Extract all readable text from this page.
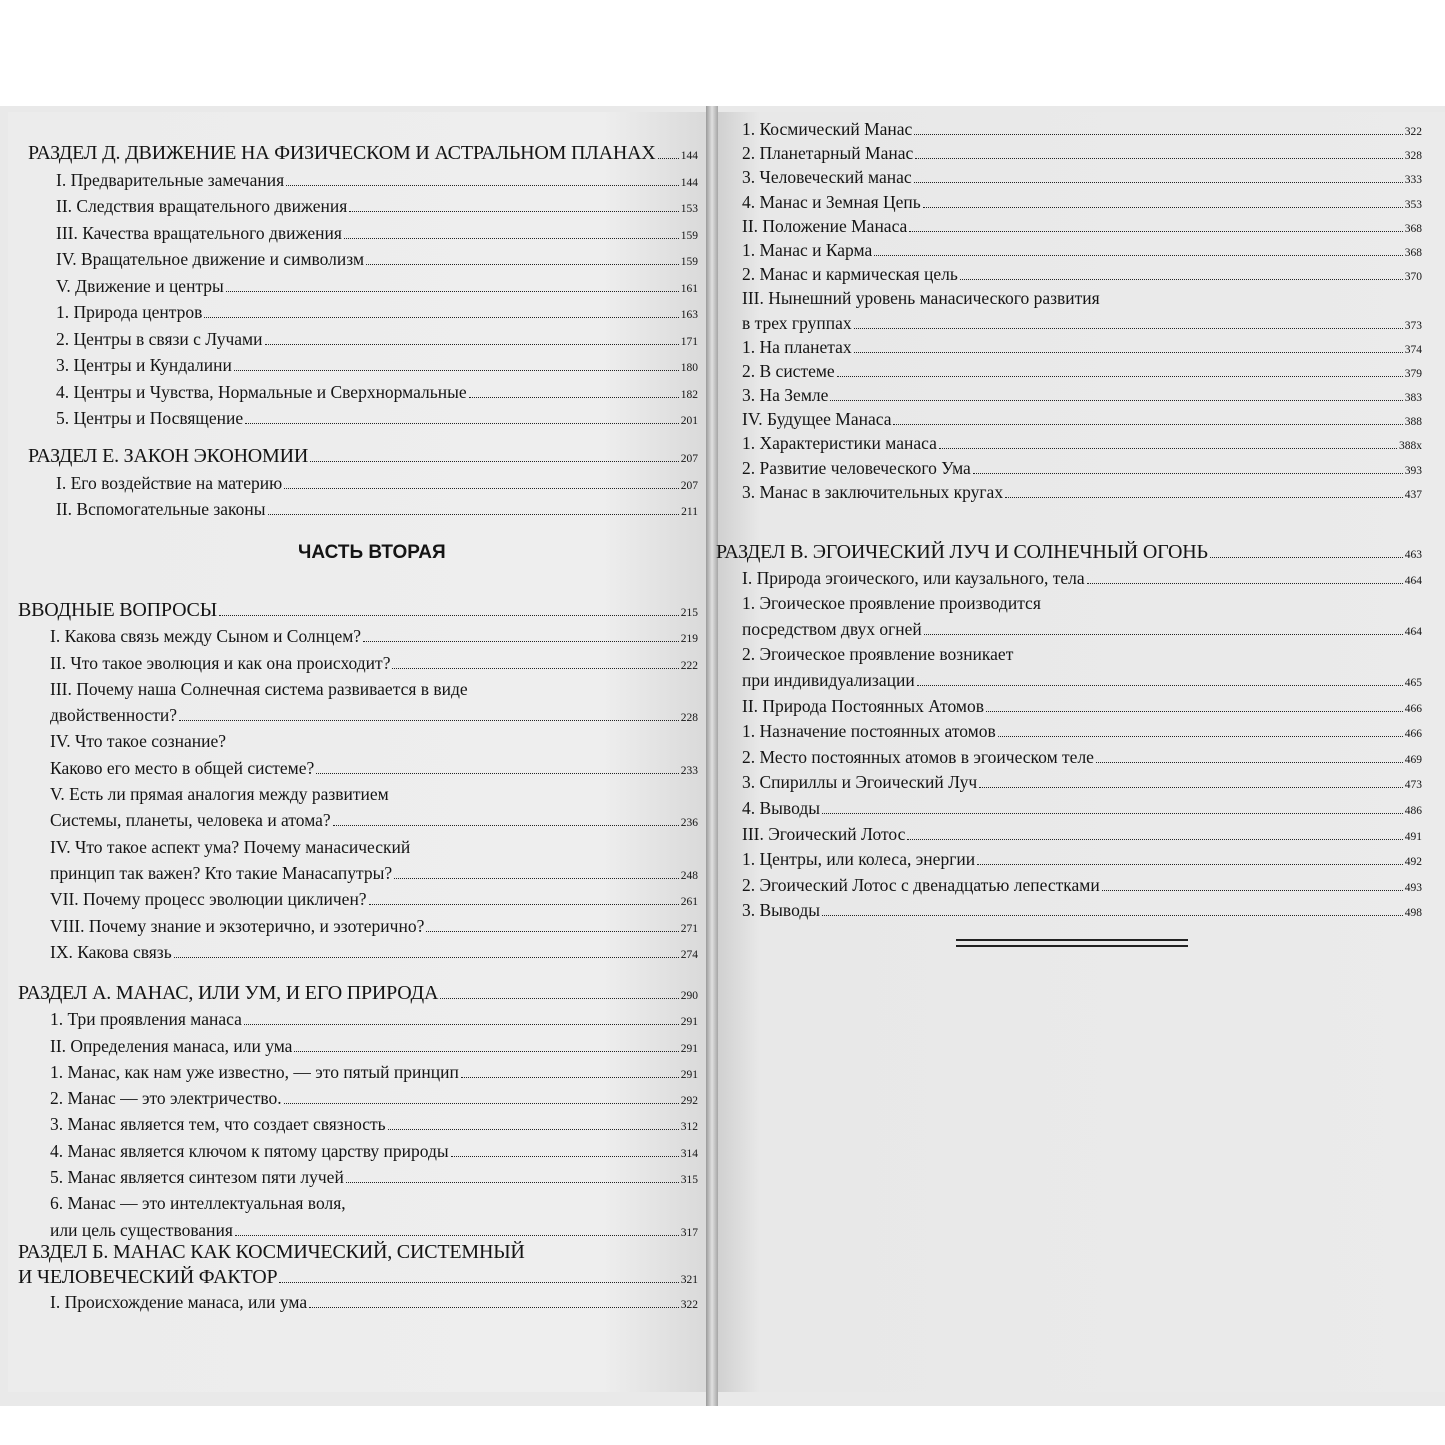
РАЗДЕЛ Д. ДВИЖЕНИЕ НА ФИЗИЧЕСКОМ И АСТРАЛЬНОМ ПЛАНАХ 144
I. Предварительные замечания	144
II. Следствия вращательного движения	153
III. Качества вращательного движения	159
IV. Вращательное движение и символизм	159
V. Движение и центры	161
1. Природа центров	163
2. Центры в связи с Лучами	171
3. Центры и Кундалини	180
4. Центры и Чувства, Нормальные и Сверхнормальные	182
5. Центры и Посвящение	201
РАЗДЕЛ Е. ЗАКОН ЭКОНОМИИ	207
I. Его воздействие на материю	207
II. Вспомогательные законы	211
ЧАСТЬ ВТОРАЯ
ВВОДНЫЕ ВОПРОСЫ	215
I. Какова связь между Сыном и Солнцем?	219
II. Что такое эволюция и как она происходит?	222
III. Почему наша Солнечная система развивается в виде
двойственности?	228
IV. Что такое сознание?
Каково его место в общей системе?	233
V. Есть ли прямая аналогия между развитием
Системы, планеты, человека и атома?	236
IV. Что такое аспект ума? Почему манасический
принцип так важен? Кто такие Манасапутры?	248
VII. Почему процесс эволюции цикличен?	261
VIII. Почему знание и экзотерично, и эзотерично?	271
IX. Какова связь	274
РАЗДЕЛ А. МАНАС, ИЛИ УМ, И ЕГО ПРИРОДА	290
1. Три проявления манаса	291
II. Определения манаса, или ума	291
1. Манас, как нам уже известно, — это пятый принцип	291
2. Манас — это электричество.	292
3. Манас является тем, что создает связность	312
4. Манас является ключом к пятому царству природы	314
5. Манас является синтезом пяти лучей	315
6. Манас — это интеллектуальная воля,
или цель существования	317
РАЗДЕЛ Б. МАНАС КАК КОСМИЧЕСКИЙ, СИСТЕМНЫЙ
И ЧЕЛОВЕЧЕСКИЙ ФАКТОР	321
I. Происхождение манаса, или ума	322
1. Космический Манас	322
2. Планетарный Манас	328
3. Человеческий манас	333
4. Манас и Земная Цепь	353
II. Положение Манаса	368
1. Манас и Карма	368
2. Манас и кармическая цель	370
III. Нынешний уровень манасического развития
в трех группах	373
1. На планетах	374
2. В системе	379
3. На Земле	383
IV. Будущее Манаса	388
1. Характеристики манаса	388x
2. Развитие человеческого Ума	393
3. Манас в заключительных кругах	437
РАЗДЕЛ В. ЭГОИЧЕСКИЙ ЛУЧ И СОЛНЕЧНЫЙ ОГОНЬ	463
I. Природа эгоического, или каузального, тела	464
1. Эгоическое проявление производится
посредством двух огней	464
2. Эгоическое проявление возникает
при индивидуализации	465
II. Природа Постоянных Атомов	466
1. Назначение постоянных атомов	466
2. Место постоянных атомов в эгоическом теле	469
3. Спириллы и Эгоический Луч	473
4. Выводы	486
III. Эгоический Лотос	491
1. Центры, или колеса, энергии	492
2. Эгоический Лотос с двенадцатью лепестками	493
3. Выводы	498
